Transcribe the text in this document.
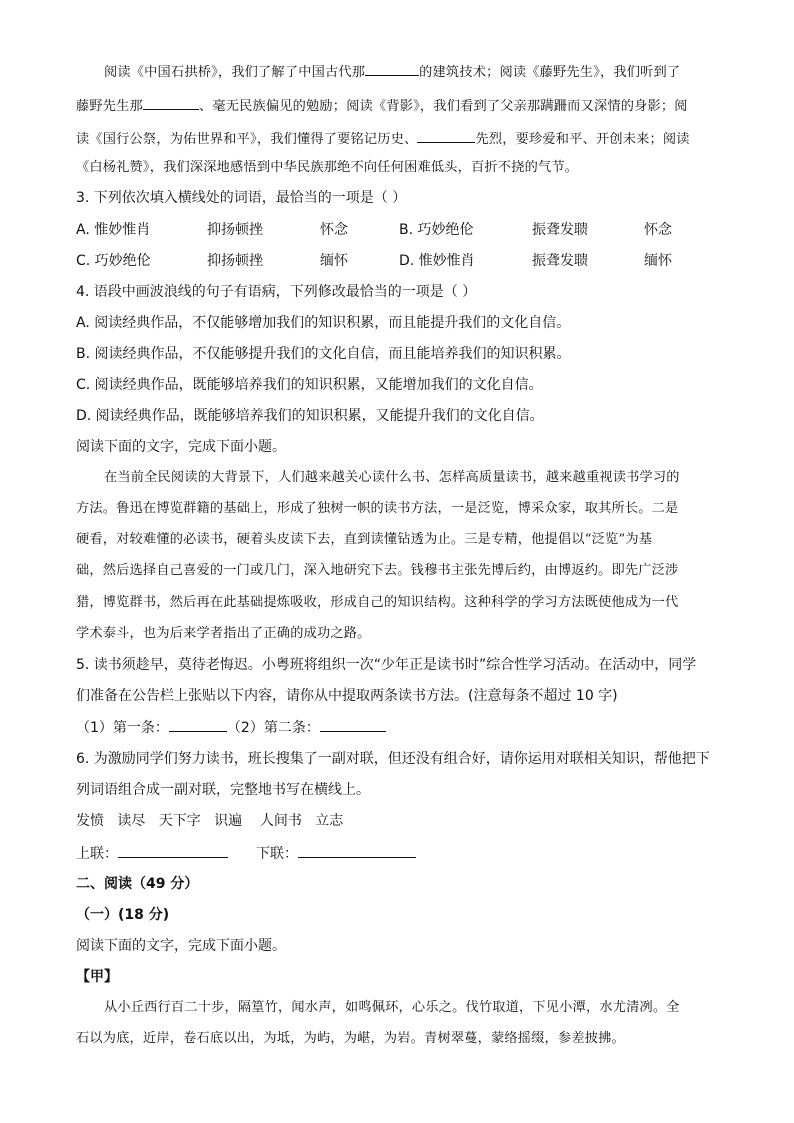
阅读《中国石拱桥》，我们了解了中国古代那	的建筑技术；阅读《藤野先生》，我们听到了
藤野先生那	、毫无民族偏见的勉励；阅读《背影》，我们看到了父亲那蹒跚而又深情的身影；阅
读《国行公祭，为佑世界和平》，我们懂得了要铭记历史、	先烈，要珍爱和平、开创未来；阅读
《白杨礼赞》，我们深深地感悟到中华民族那绝不向任何困难低头，百折不挠的气节。
3. 下列依次填入横线处的词语，最恰当的一项是（ ）
A. 惟妙惟肖	抑扬顿挫	怀念	B. 巧妙绝伦	振聋发聩	怀念
C. 巧妙绝伦	抑扬顿挫	缅怀	D. 惟妙惟肖	振聋发聩	缅怀
4. 语段中画波浪线的句子有语病，下列修改最恰当的一项是（ ）
A. 阅读经典作品，不仅能够增加我们的知识积累，而且能提升我们的文化自信。
B. 阅读经典作品，不仅能够提升我们的文化自信，而且能培养我们的知识积累。
C. 阅读经典作品，既能够培养我们的知识积累，又能增加我们的文化自信。
D. 阅读经典作品，既能够培养我们的知识积累，又能提升我们的文化自信。
阅读下面的文字，完成下面小题。
在当前全民阅读的大背景下，人们越来越关心读什么书、怎样高质量读书，越来越重视读书学习的
方法。鲁迅在博览群籍的基础上，形成了独树一帜的读书方法，一是泛览，博采众家，取其所长。二是
硬看，对较难懂的必读书，硬着头皮读下去，直到读懂钻透为止。三是专精，他提倡以“泛览”为基
础，然后选择自己喜爱的一门或几门，深入地研究下去。钱穆书主张先博后约，由博返约。即先广泛涉
猎，博览群书，然后再在此基础提炼吸收，形成自己的知识结构。这种科学的学习方法既使他成为一代
学术泰斗，也为后来学者指出了正确的成功之路。
5. 读书须趁早，莫待老悔迟。小粤班将组织一次“少年正是读书时”综合性学习活动。在活动中，同学
们准备在公告栏上张贴以下内容，请你从中提取两条读书方法。(注意每条不超过 10 字)
（1）第一条：	（2）第二条：
6. 为激励同学们努力读书，班长搜集了一副对联，但还没有组合好，请你运用对联相关知识，帮他把下
列词语组合成一副对联，完整地书写在横线上。
发愤 读尽 天下字 识遍 人间书 立志
上联：	下联：
二、阅读（49 分）
（一）(18 分)
阅读下面的文字，完成下面小题。
【甲】
从小丘西行百二十步，隔篁竹，闻水声，如鸣佩环，心乐之。伐竹取道，下见小潭，水尤清冽。全
石以为底，近岸，卷石底以出，为坻，为屿，为嵁，为岩。青树翠蔓，蒙络摇缀，参差披拂。
